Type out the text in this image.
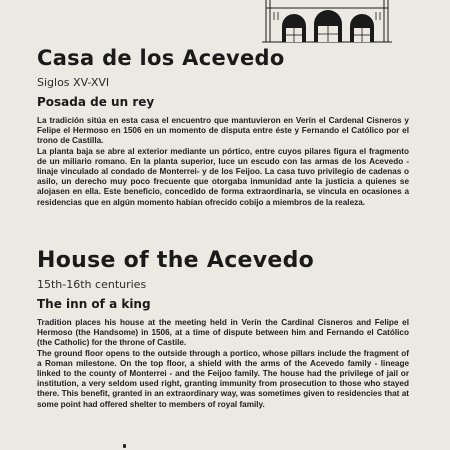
Casa de los Acevedo
Siglos XV-XVI
Posada de un rey

La tradición sitúa en esta casa el encuentro que mantuvieron en Verín el Cardenal Cisneros y Felipe el Hermoso en 1506 en un momento de disputa entre éste y Fernando el Católico por el trono de Castilla.

La planta baja se abre al exterior mediante un pórtico, entre cuyos pilares figura el fragmento de un miliario romano. En la planta superior, luce un escudo con las armas de los Acevedo -linaje vinculado al condado de Monterrei- y de los Feijoo. La casa tuvo privilegio de cadenas o asilo, un derecho muy poco frecuente que otorgaba inmunidad ante la justicia a quienes se alojasen en ella. Este beneficio, concedido de forma extraordinaria, se vincula en ocasiones a residencias que en algún momento habían ofrecido cobijo a miembros de la realeza.

House of the Acevedo
15th-16th centuries
The inn of a king

Tradition places his house at the meeting held in Verín the Cardinal Cisneros and Felipe el Hermoso (the Handsome) in 1506, at a time of dispute between him and Fernando el Católico (the Catholic) for the throne of Castile.

The ground floor opens to the outside through a portico, whose pillars include the fragment of a Roman milestone. On the top floor, a shield with the arms of the Acevedo family - lineage linked to the county of Monterrei - and the Feijoo family. The house had the privilege of jail or institution, a very seldom used right, granting immunity from prosecution to those who stayed there. This benefit, granted in an extraordinary way, was sometimes given to residencies that at some point had offered shelter to members of royal family.
